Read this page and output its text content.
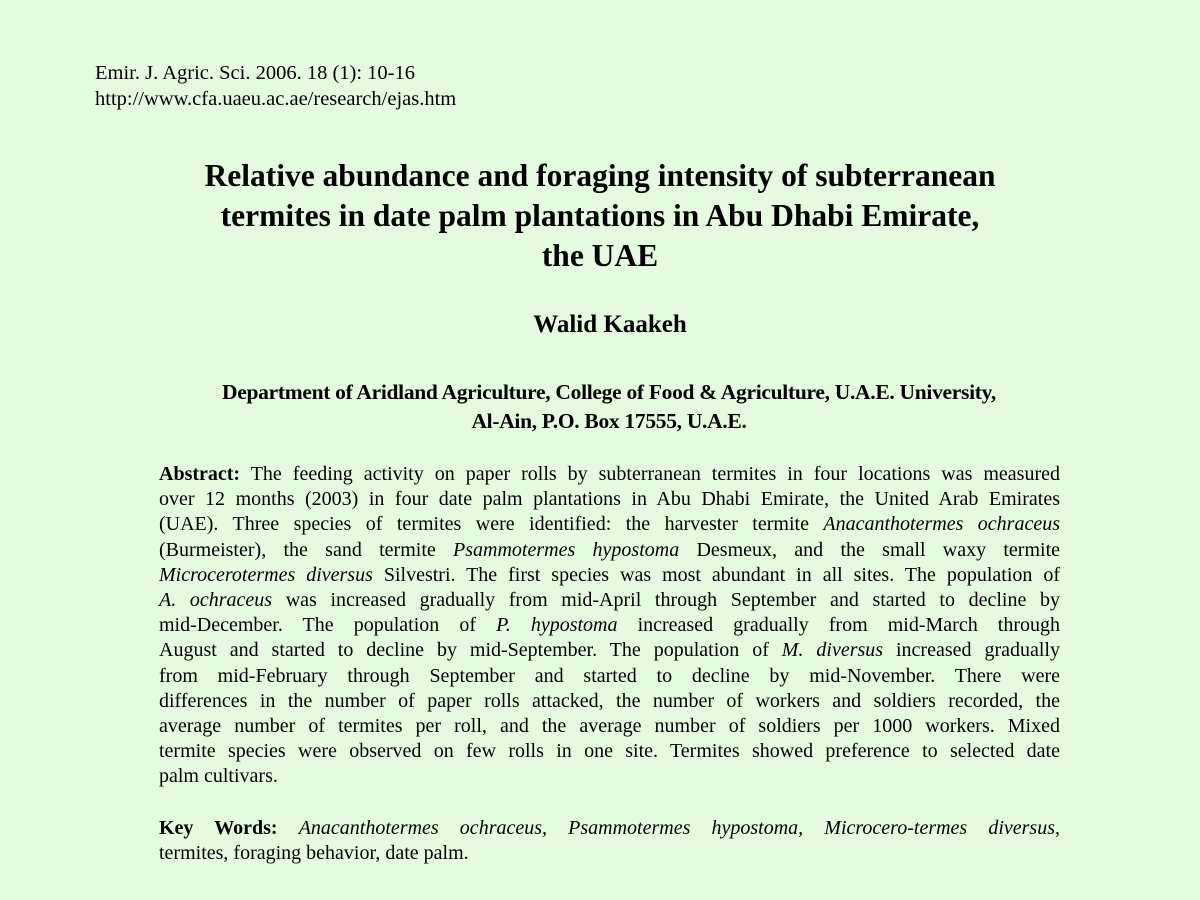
Emir. J. Agric. Sci. 2006. 18 (1): 10-16
http://www.cfa.uaeu.ac.ae/research/ejas.htm
Relative abundance and foraging intensity of subterranean
termites in date palm plantations in Abu Dhabi Emirate,
the UAE
Walid Kaakeh
Department of Aridland Agriculture, College of Food & Agriculture, U.A.E. University,
Al-Ain, P.O. Box 17555, U.A.E.
Abstract: The feeding activity on paper rolls by subterranean termites in four locations was measured
over 12 months (2003) in four date palm plantations in Abu Dhabi Emirate, the United Arab Emirates
(UAE). Three species of termites were identified: the harvester termite Anacanthotermes ochraceus
(Burmeister), the sand termite Psammotermes hypostoma Desmeux, and the small waxy termite
Microcerotermes diversus Silvestri. The first species was most abundant in all sites. The population of
A. ochraceus was increased gradually from mid-April through September and started to decline by
mid-December. The population of P. hypostoma increased gradually from mid-March through
August and started to decline by mid-September. The population of M. diversus increased gradually
from mid-February through September and started to decline by mid-November. There were
differences in the number of paper rolls attacked, the number of workers and soldiers recorded, the
average number of termites per roll, and the average number of soldiers per 1000 workers. Mixed
termite species were observed on few rolls in one site. Termites showed preference to selected date
palm cultivars.
Key Words: Anacanthotermes ochraceus, Psammotermes hypostoma, Microcero-termes diversus,
termites, foraging behavior, date palm.
